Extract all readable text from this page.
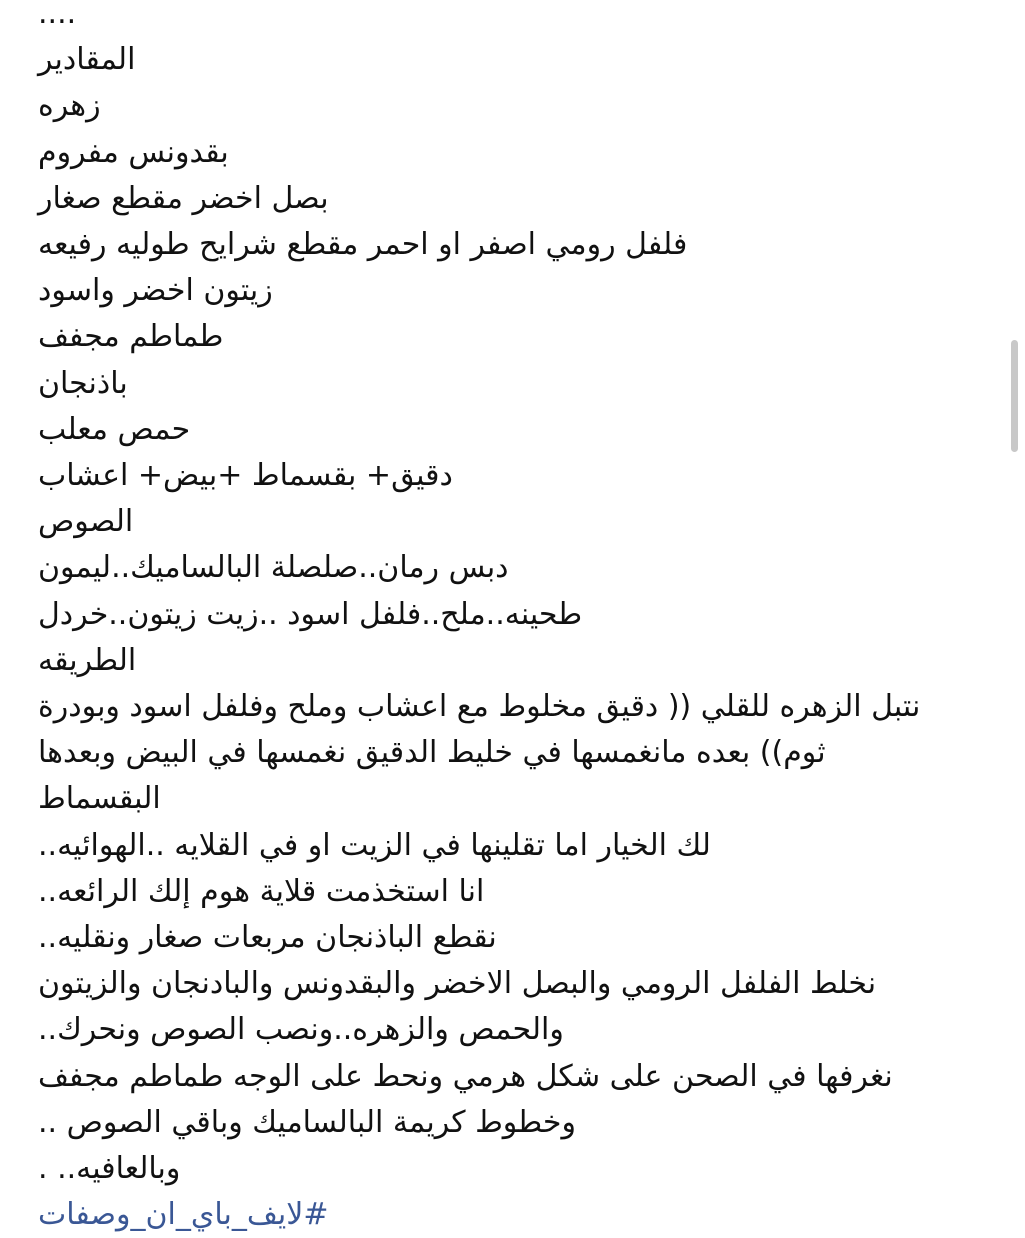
....
المقادير
زهره
بقدونس مفروم
بصل اخضر مقطع صغار
فلفل رومي اصفر او احمر مقطع شرايح طوليه رفيعه
زيتون اخضر واسود
طماطم مجفف
باذنجان
حمص معلب
دقيق+ بقسماط +بيض+ اعشاب
الصوص
دبس رمان..صلصلة البالساميك..ليمون
طحينه..ملح..فلفل اسود ..زيت زيتون..خردل
الطريقه
نتبل الزهره للقلي (( دقيق مخلوط مع اعشاب وملح وفلفل اسود وبودرة
ثوم)) بعده مانغمسها في خليط الدقيق نغمسها في البيض وبعدها
البقسماط
لك الخيار اما تقلينها في الزيت او في القلايه ..الهوائيه..
انا استخذمت قلاية هوم إلك الرائعه..
نقطع الباذنجان مربعات صغار ونقليه..
نخلط الفلفل الرومي والبصل الاخضر والبقدونس والبادنجان والزيتون
والحمص والزهره..ونصب الصوص ونحرك..
نغرفها في الصحن على شكل هرمي ونحط على الوجه طماطم مجفف
وخطوط كريمة البالساميك وباقي الصوص ..
وبالعافيه.. .
#لايف_باي_ان_وصفات
